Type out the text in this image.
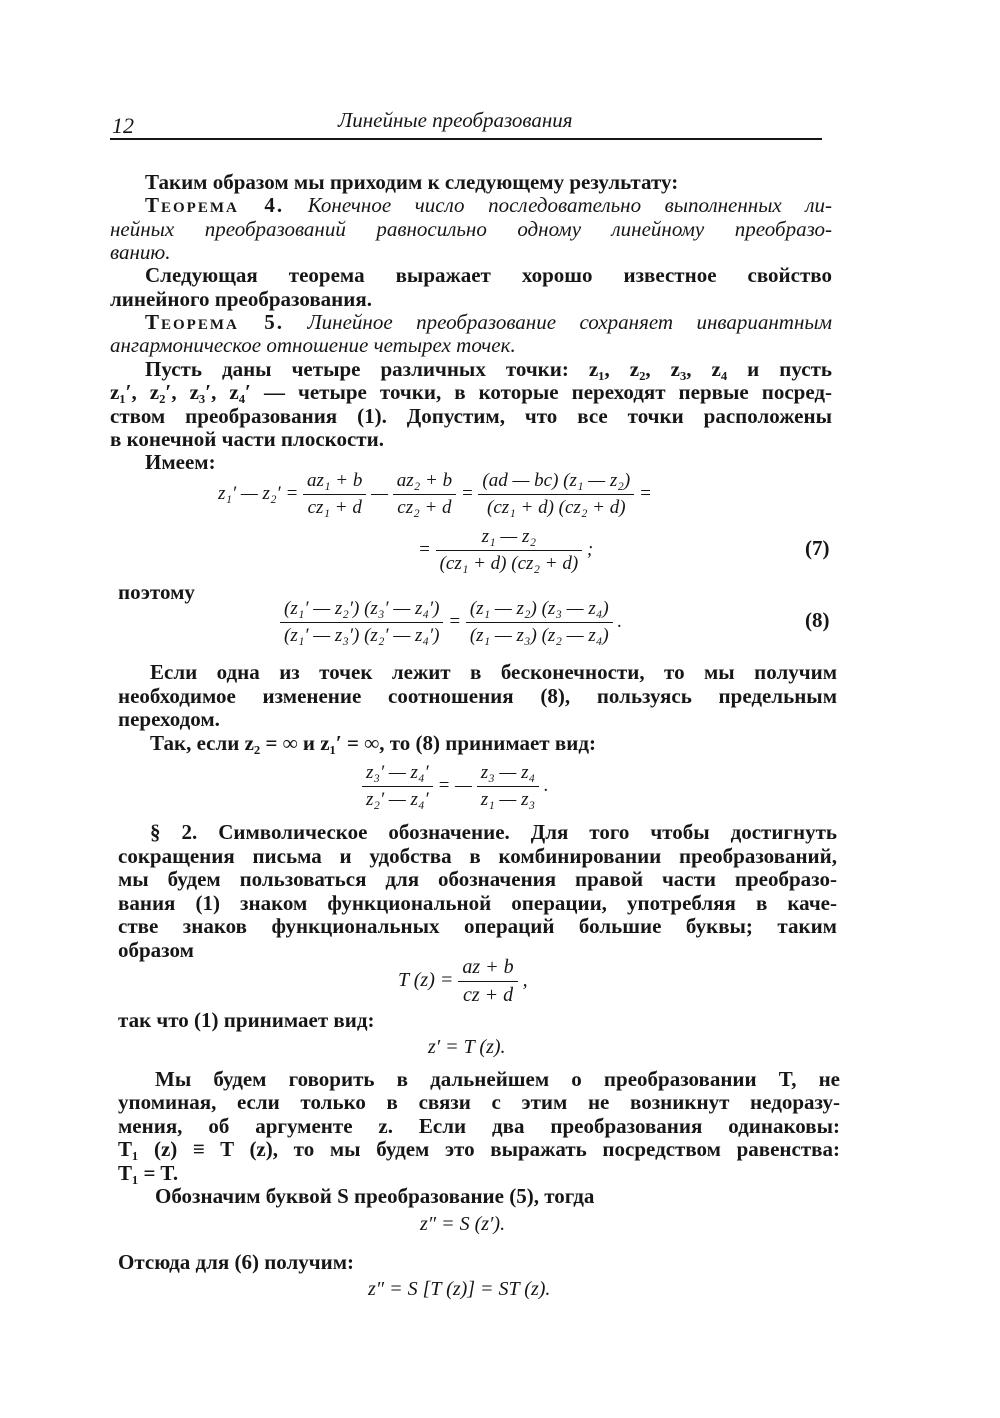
12	Линейные преобразования
Таким образом мы приходим к следующему результату:
Теорема 4. Конечное число последовательно выполненных ли-
нейных преобразований равносильно одному линейному преобразо-
ванию.
Следующая теорема выражает хорошо известное свойство
линейного преобразования.
Теорема 5. Линейное преобразование сохраняет инвариантным
ангармоническое отношение четырех точек.
Пусть даны четыре различных точки: z₁, z₂, z₃, z₄ и пусть
z₁′, z₂′, z₃′, z₄′ — четыре точки, в которые переходят первые посред-
ством преобразования (1). Допустим, что все точки расположены
в конечной части плоскости.
Имеем:
z₁′ — $z_2' = \frac{\text{az₁ + b}}{\text{cz₁ + d}}$ — $\frac{\text{az₂ + b}}{\text{cz₂ + d}} = \frac{\text{(ad — bc) (z₁ — z₂)}}{\text{(cz₁ + d) (cz₂ + d)}}$ =
= $\frac{\text{z₁ — z₂}}{\text{(cz₁ + d) (cz₂ + d)}}$ ;	(7)
поэтому
$\frac{\text{(z₁′ — z₂′) (z₃′ — z₄′)}}{\text{(z₁′ — z₃′) (z₂′ — z₄′)}} = \frac{\text{(z₁ — z₂) (z₃ — z₄)}}{\text{(z₁ — z₃) (z₂ — z₄)}}$ .	(8)
Если одна из точек лежит в бесконечности, то мы получим
необходимое изменение соотношения (8), пользуясь предельным
переходом.
Так, если z₂ = ∞ и z₁′ = ∞, то (8) принимает вид:
$\frac{\text{z₃′ — z₄′}}{\text{z₂′ — z₄′}}$ = — $\frac{\text{z₃ — z₄}}{\text{z₁ — z₃}}$ .
§ 2. Символическое обозначение. Для того чтобы достигнуть
сокращения письма и удобства в комбинировании преобразований,
мы будем пользоваться для обозначения правой части преобразо-
вания (1) знаком функциональной операции, употребляя в каче-
стве знаков функциональных операций большие буквы; таким
образом
T $(z) = \frac{az + b}{cz + d}$ ,
так что (1) принимает вид:
z′ = T (z).
Мы будем говорить в дальнейшем о преобразовании T, не
упоминая, если только в связи с этим не возникнут недоразу-
мения, об аргументе z. Если два преобразования одинаковы:
T₁ (z) ≡ T (z), то мы будем это выражать посредством равенства:
T₁ = T.
Обозначим буквой S преобразование (5), тогда
z″ = S (z′).
Отсюда для (6) получим:
z″ = S [T (z)] = ST (z).
